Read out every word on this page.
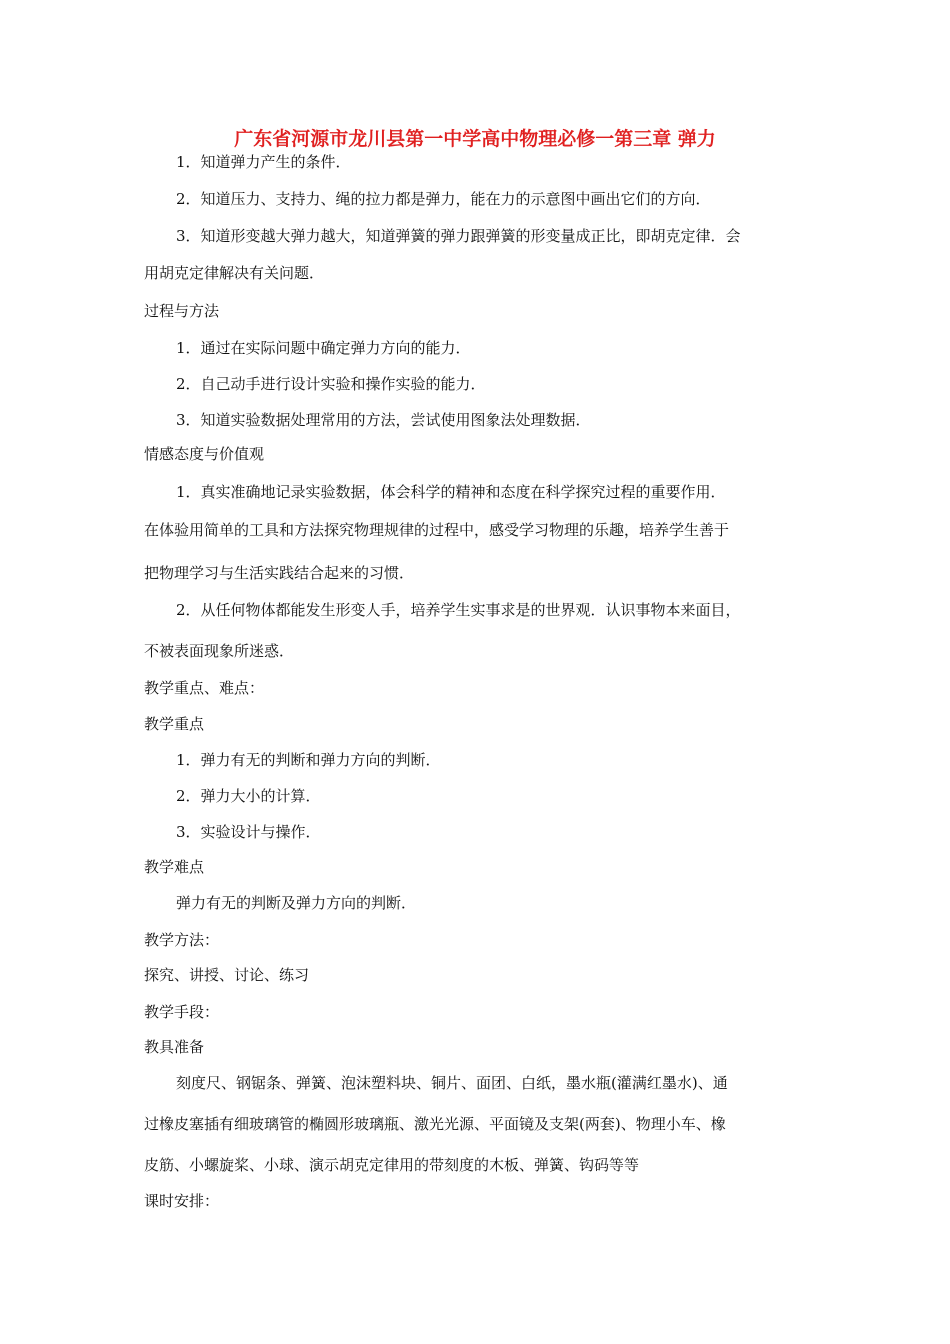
广东省河源市龙川县第一中学高中物理必修一第三章 弹力
1．知道弹力产生的条件．
2．知道压力、支持力、绳的拉力都是弹力，能在力的示意图中画出它们的方向．
3．知道形变越大弹力越大，知道弹簧的弹力跟弹簧的形变量成正比，即胡克定律．会
用胡克定律解决有关问题．
过程与方法
1．通过在实际问题中确定弹力方向的能力．
2．自己动手进行设计实验和操作实验的能力．
3．知道实验数据处理常用的方法，尝试使用图象法处理数据．
情感态度与价值观
1．真实准确地记录实验数据，体会科学的精神和态度在科学探究过程的重要作用．
在体验用简单的工具和方法探究物理规律的过程中，感受学习物理的乐趣，培养学生善于
把物理学习与生活实践结合起来的习惯．
2．从任何物体都能发生形变人手，培养学生实事求是的世界观．认识事物本来面目，
不被表面现象所迷惑．
教学重点、难点：
教学重点
1．弹力有无的判断和弹力方向的判断．
2．弹力大小的计算．
3．实验设计与操作．
教学难点
弹力有无的判断及弹力方向的判断．
教学方法：
探究、讲授、讨论、练习
教学手段：
教具准备
刻度尺、钢锯条、弹簧、泡沫塑料块、铜片、面团、白纸，墨水瓶(灌满红墨水)、通
过橡皮塞插有细玻璃管的椭圆形玻璃瓶、激光光源、平面镜及支架(两套)、物理小车、橡
皮筋、小螺旋桨、小球、演示胡克定律用的带刻度的木板、弹簧、钩码等等
课时安排：
